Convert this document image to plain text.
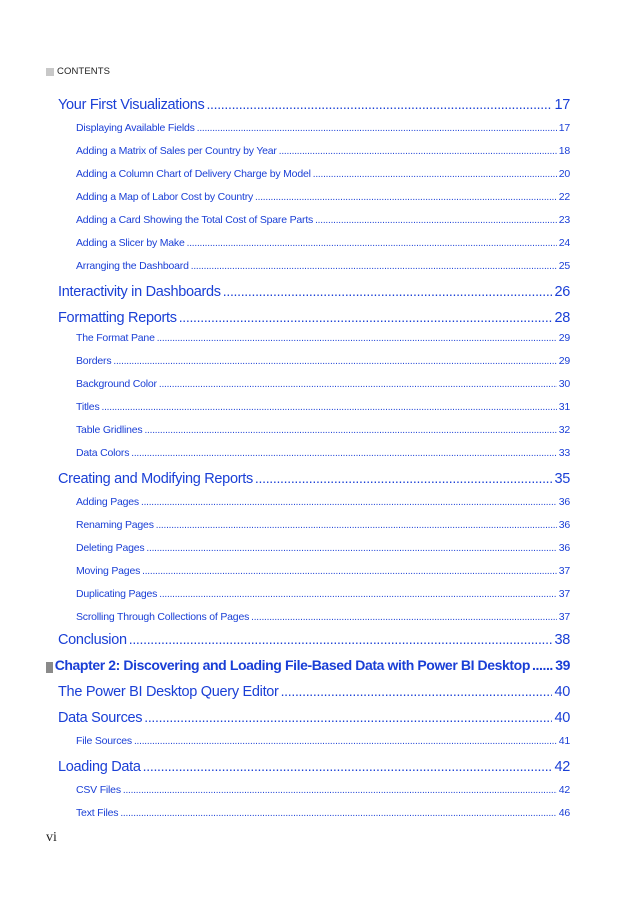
CONTENTS
Your First Visualizations .....	17
Displaying Available Fields .....	17
Adding a Matrix of Sales per Country by Year .....	18
Adding a Column Chart of Delivery Charge by Model .....	20
Adding a Map of Labor Cost by Country .....	22
Adding a Card Showing the Total Cost of Spare Parts .....	23
Adding a Slicer by Make .....	24
Arranging the Dashboard .....	25
Interactivity in Dashboards .....	26
Formatting Reports .....	28
The Format Pane .....	29
Borders .....	29
Background Color .....	30
Titles .....	31
Table Gridlines .....	32
Data Colors .....	33
Creating and Modifying Reports .....	35
Adding Pages .....	36
Renaming Pages .....	36
Deleting Pages .....	36
Moving Pages .....	37
Duplicating Pages .....	37
Scrolling Through Collections of Pages .....	37
Conclusion .....	38
Chapter 2: Discovering and Loading File-Based Data with Power BI Desktop ..... 39
The Power BI Desktop Query Editor .....	40
Data Sources .....	40
File Sources .....	41
Loading Data .....	42
CSV Files .....	42
Text Files .....	46
vi
